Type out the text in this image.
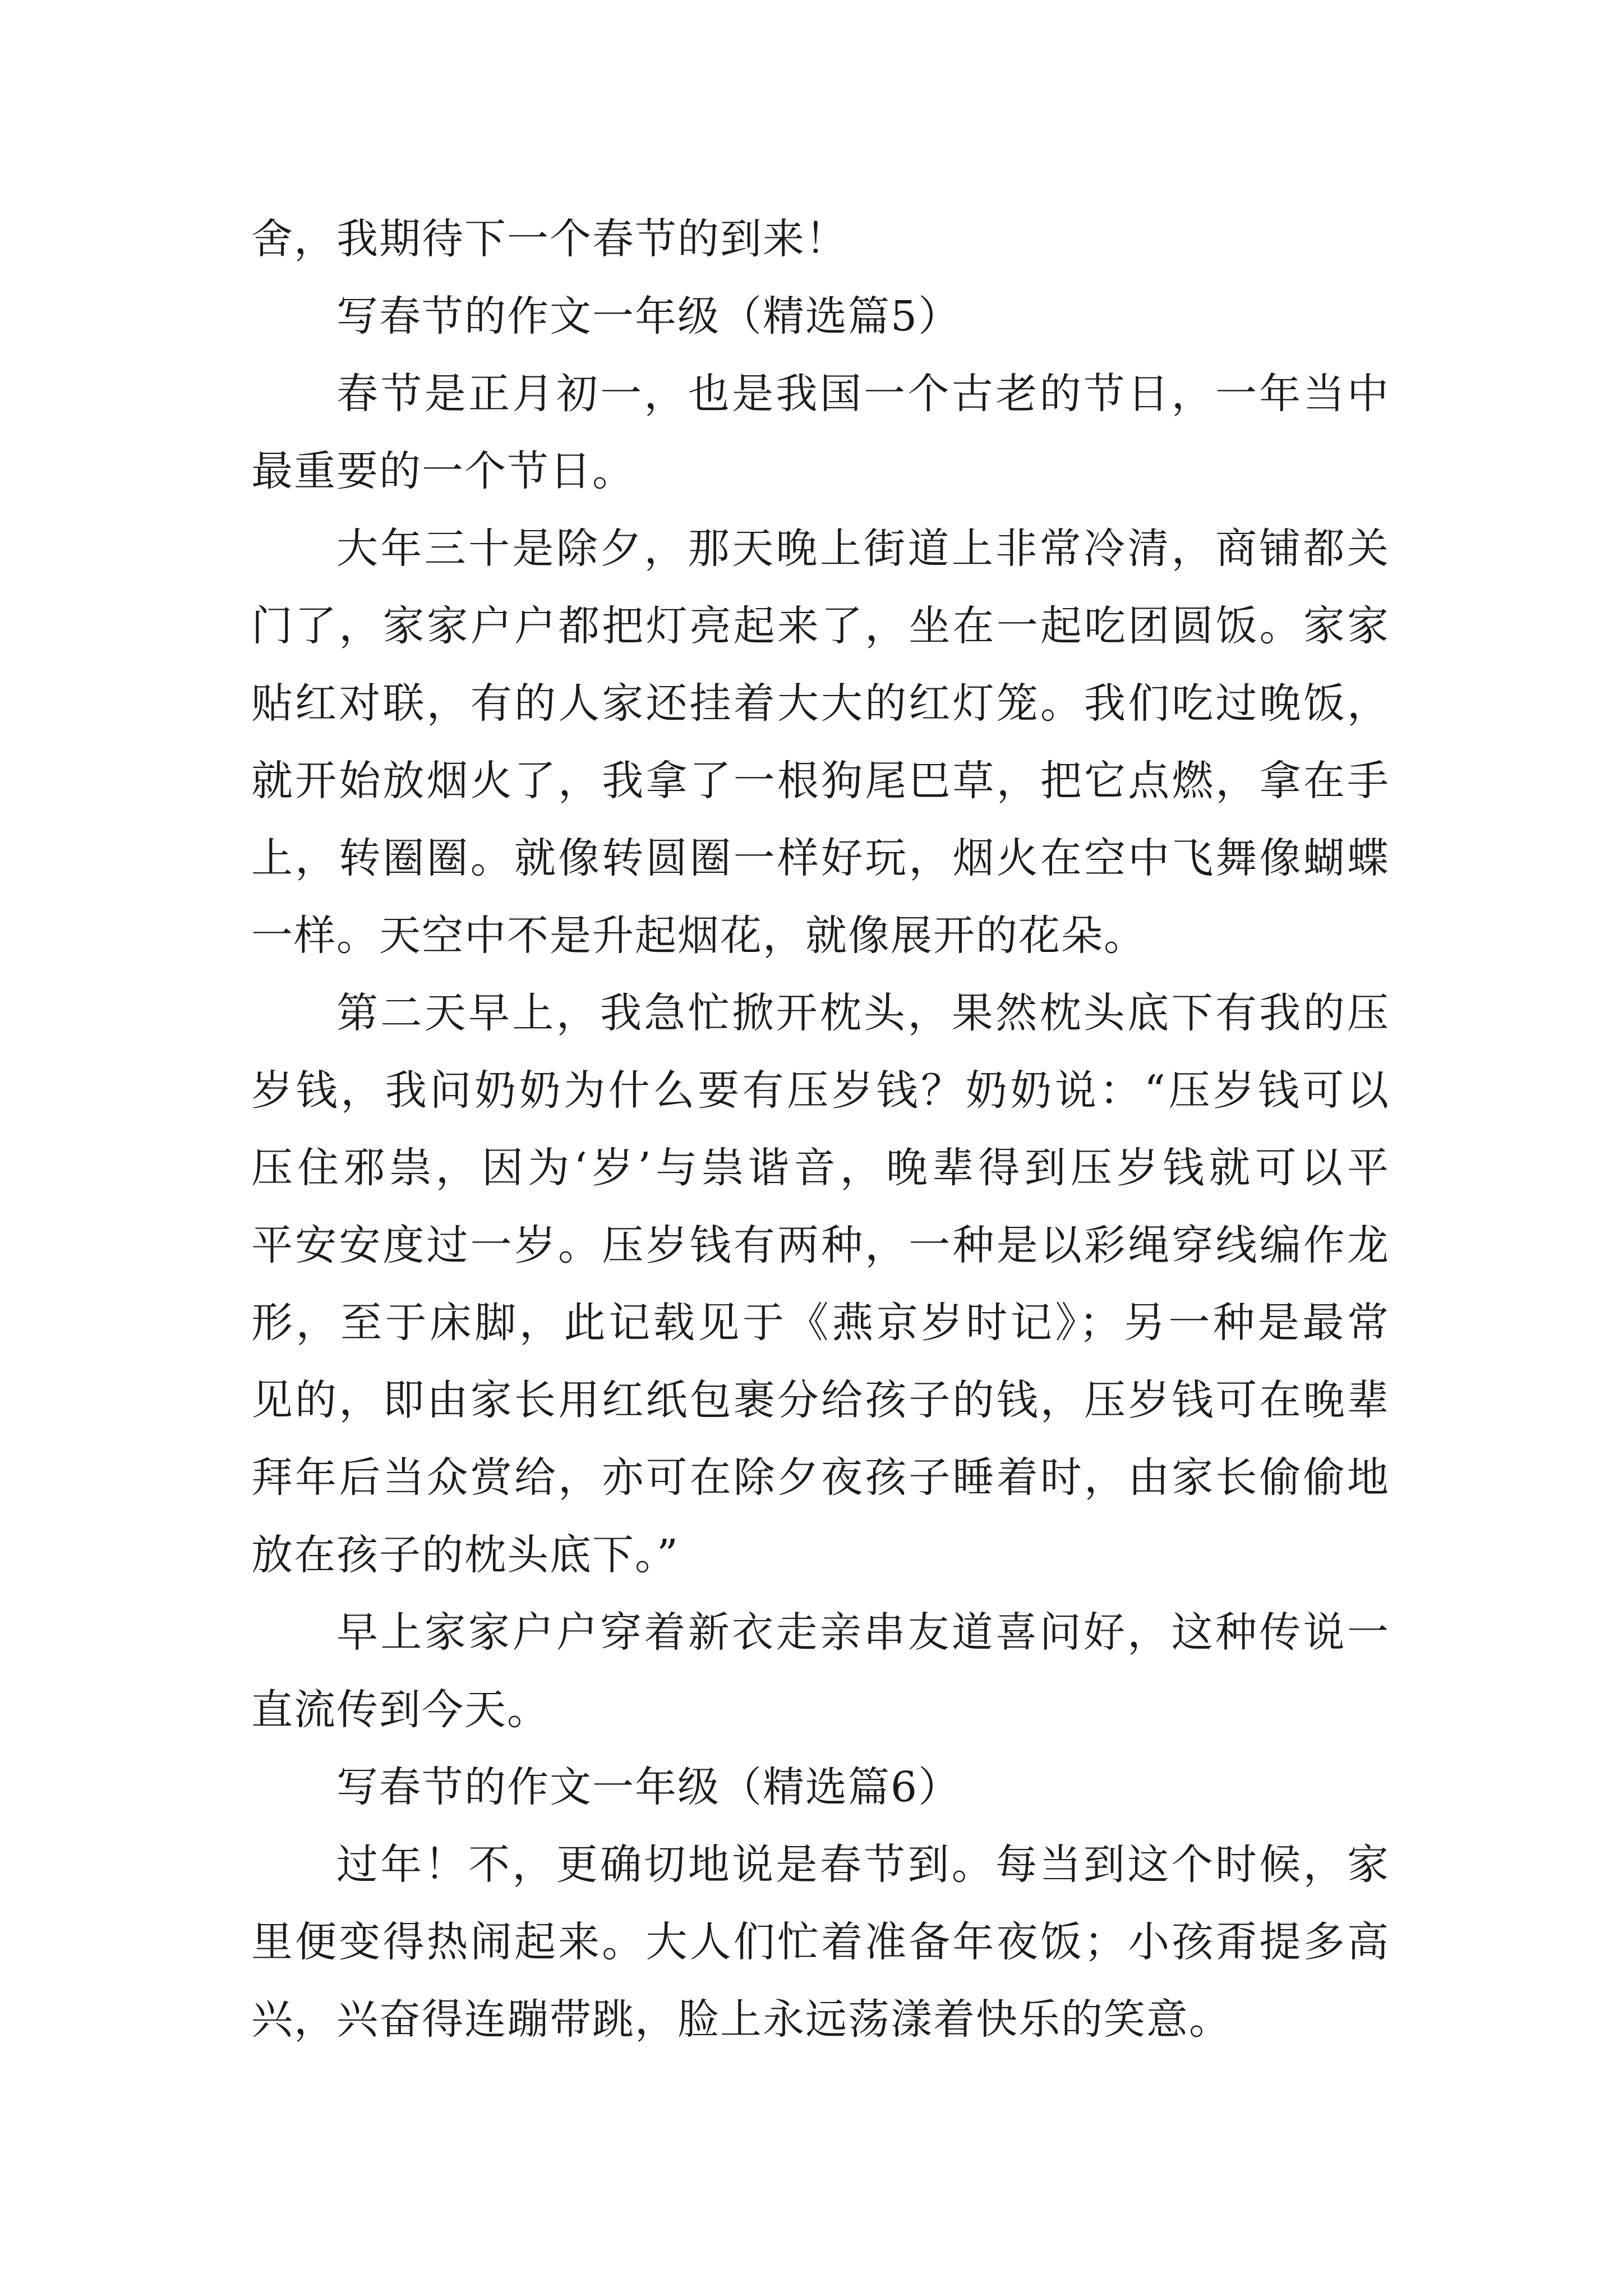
舍，我期待下一个春节的到来！
写春节的作文一年级（精选篇5）
春节是正月初一，也是我国一个古老的节日，一年当中
最重要的一个节日。
大年三十是除夕，那天晚上街道上非常冷清，商铺都关
门了，家家户户都把灯亮起来了，坐在一起吃团圆饭。家家
贴红对联，有的人家还挂着大大的红灯笼。我们吃过晚饭，
就开始放烟火了，我拿了一根狗尾巴草，把它点燃，拿在手
上，转圈圈。就像转圆圈一样好玩，烟火在空中飞舞像蝴蝶
一样。天空中不是升起烟花，就像展开的花朵。
第二天早上，我急忙掀开枕头，果然枕头底下有我的压
岁钱，我问奶奶为什么要有压岁钱？奶奶说：“压岁钱可以
压住邪祟，因为‘岁’与祟谐音，晚辈得到压岁钱就可以平
平安安度过一岁。压岁钱有两种，一种是以彩绳穿线编作龙
形，至于床脚，此记载见于《燕京岁时记》；另一种是最常
见的，即由家长用红纸包裹分给孩子的钱，压岁钱可在晚辈
拜年后当众赏给，亦可在除夕夜孩子睡着时，由家长偷偷地
放在孩子的枕头底下。”
早上家家户户穿着新衣走亲串友道喜问好，这种传说一
直流传到今天。
写春节的作文一年级（精选篇6）
过年！不，更确切地说是春节到。每当到这个时候，家
里便变得热闹起来。大人们忙着准备年夜饭；小孩甭提多高
兴，兴奋得连蹦带跳，脸上永远荡漾着快乐的笑意。
